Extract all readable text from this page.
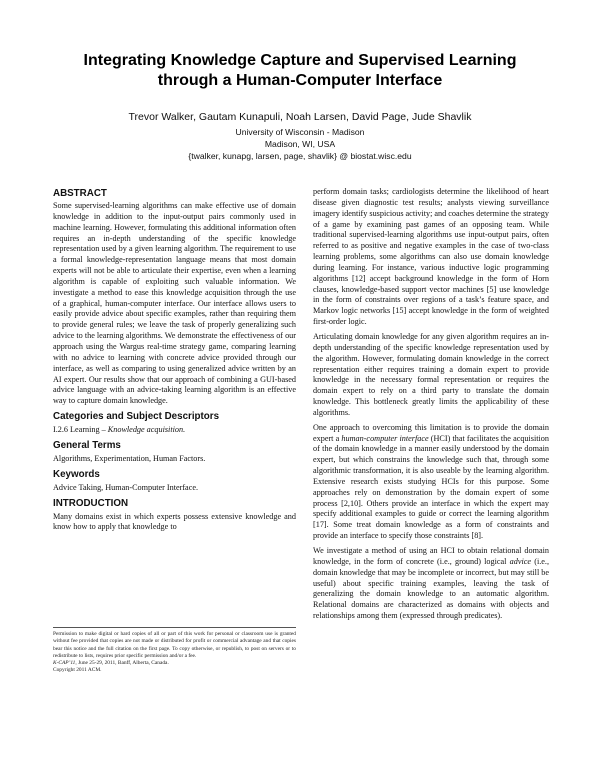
Integrating Knowledge Capture and Supervised Learning
through a Human-Computer Interface
Trevor Walker, Gautam Kunapuli, Noah Larsen, David Page, Jude Shavlik
University of Wisconsin - Madison
Madison, WI, USA
{twalker, kunapg, larsen, page, shavlik} @ biostat.wisc.edu
ABSTRACT

Some supervised-learning algorithms can make effective use of domain knowledge in addition to the input-output pairs commonly used in machine learning. However, formulating this additional information often requires an in-depth understanding of the specific knowledge representation used by a given learning algorithm. The requirement to use a formal knowledge-representation language means that most domain experts will not be able to articulate their expertise, even when a learning algorithm is capable of exploiting such valuable information. We investigate a method to ease this knowledge acquisition through the use of a graphical, human-computer interface. Our interface allows users to easily provide advice about specific examples, rather than requiring them to provide general rules; we leave the task of properly generalizing such advice to the learning algorithms. We demonstrate the effectiveness of our approach using the Wargus real-time strategy game, comparing learning with no advice to learning with concrete advice provided through our interface, as well as comparing to using generalized advice written by an AI expert. Our results show that our approach of combining a GUI-based advice language with an advice-taking learning algorithm is an effective way to capture domain knowledge.

Categories and Subject Descriptors

I.2.6 Learning – Knowledge acquisition.

General Terms

Algorithms, Experimentation, Human Factors.

Keywords

Advice Taking, Human-Computer Interface.

INTRODUCTION

Many domains exist in which experts possess extensive knowledge and know how to apply that knowledge to

Permission to make digital or hard copies of all or part of this work for personal or classroom use is granted without fee provided that copies are not made or distributed for profit or commercial advantage and that copies bear this notice and the full citation on the first page. To copy otherwise, or republish, to post on servers or to redistribute to lists, requires prior specific permission and/or a fee.
K-CAP’11, June 25-29, 2011, Banff, Alberta, Canada.
Copyright 2011 ACM.

perform domain tasks; cardiologists determine the likelihood of heart disease given diagnostic test results; analysts viewing surveillance imagery identify suspicious activity; and coaches determine the strategy of a game by examining past games of an opposing team. While traditional supervised-learning algorithms use input-output pairs, often referred to as positive and negative examples in the case of two-class learning problems, some algorithms can also use domain knowledge during learning. For instance, various inductive logic programming algorithms [12] accept background knowledge in the form of Horn clauses, knowledge-based support vector machines [5] use knowledge in the form of constraints over regions of a task’s feature space, and Markov logic networks [15] accept knowledge in the form of weighted first-order logic.

Articulating domain knowledge for any given algorithm requires an in-depth understanding of the specific knowledge representation used by the algorithm. However, formulating domain knowledge in the correct representation either requires training a domain expert to provide knowledge in the necessary formal representation or requires the domain expert to rely on a third party to translate the domain knowledge. This bottleneck greatly limits the applicability of these algorithms.

One approach to overcoming this limitation is to provide the domain expert a human-computer interface (HCI) that facilitates the acquisition of the domain knowledge in a manner easily understood by the domain expert, but which constrains the knowledge such that, through some algorithmic transformation, it is also useable by the learning algorithm. Extensive research exists studying HCIs for this purpose. Some approaches rely on demonstration by the domain expert of some process [2,10]. Others provide an interface in which the expert may specify additional examples to guide or correct the learning algorithm [17]. Some treat domain knowledge as a form of constraints and provide an interface to specify those constraints [8].

We investigate a method of using an HCI to obtain relational domain knowledge, in the form of concrete (i.e., ground) logical advice (i.e., domain knowledge that may be incomplete or incorrect, but may still be useful) about specific training examples, leaving the task of generalizing the domain knowledge to an automatic algorithm. Relational domains are characterized as domains with objects and relationships among them (expressed through predicates).
